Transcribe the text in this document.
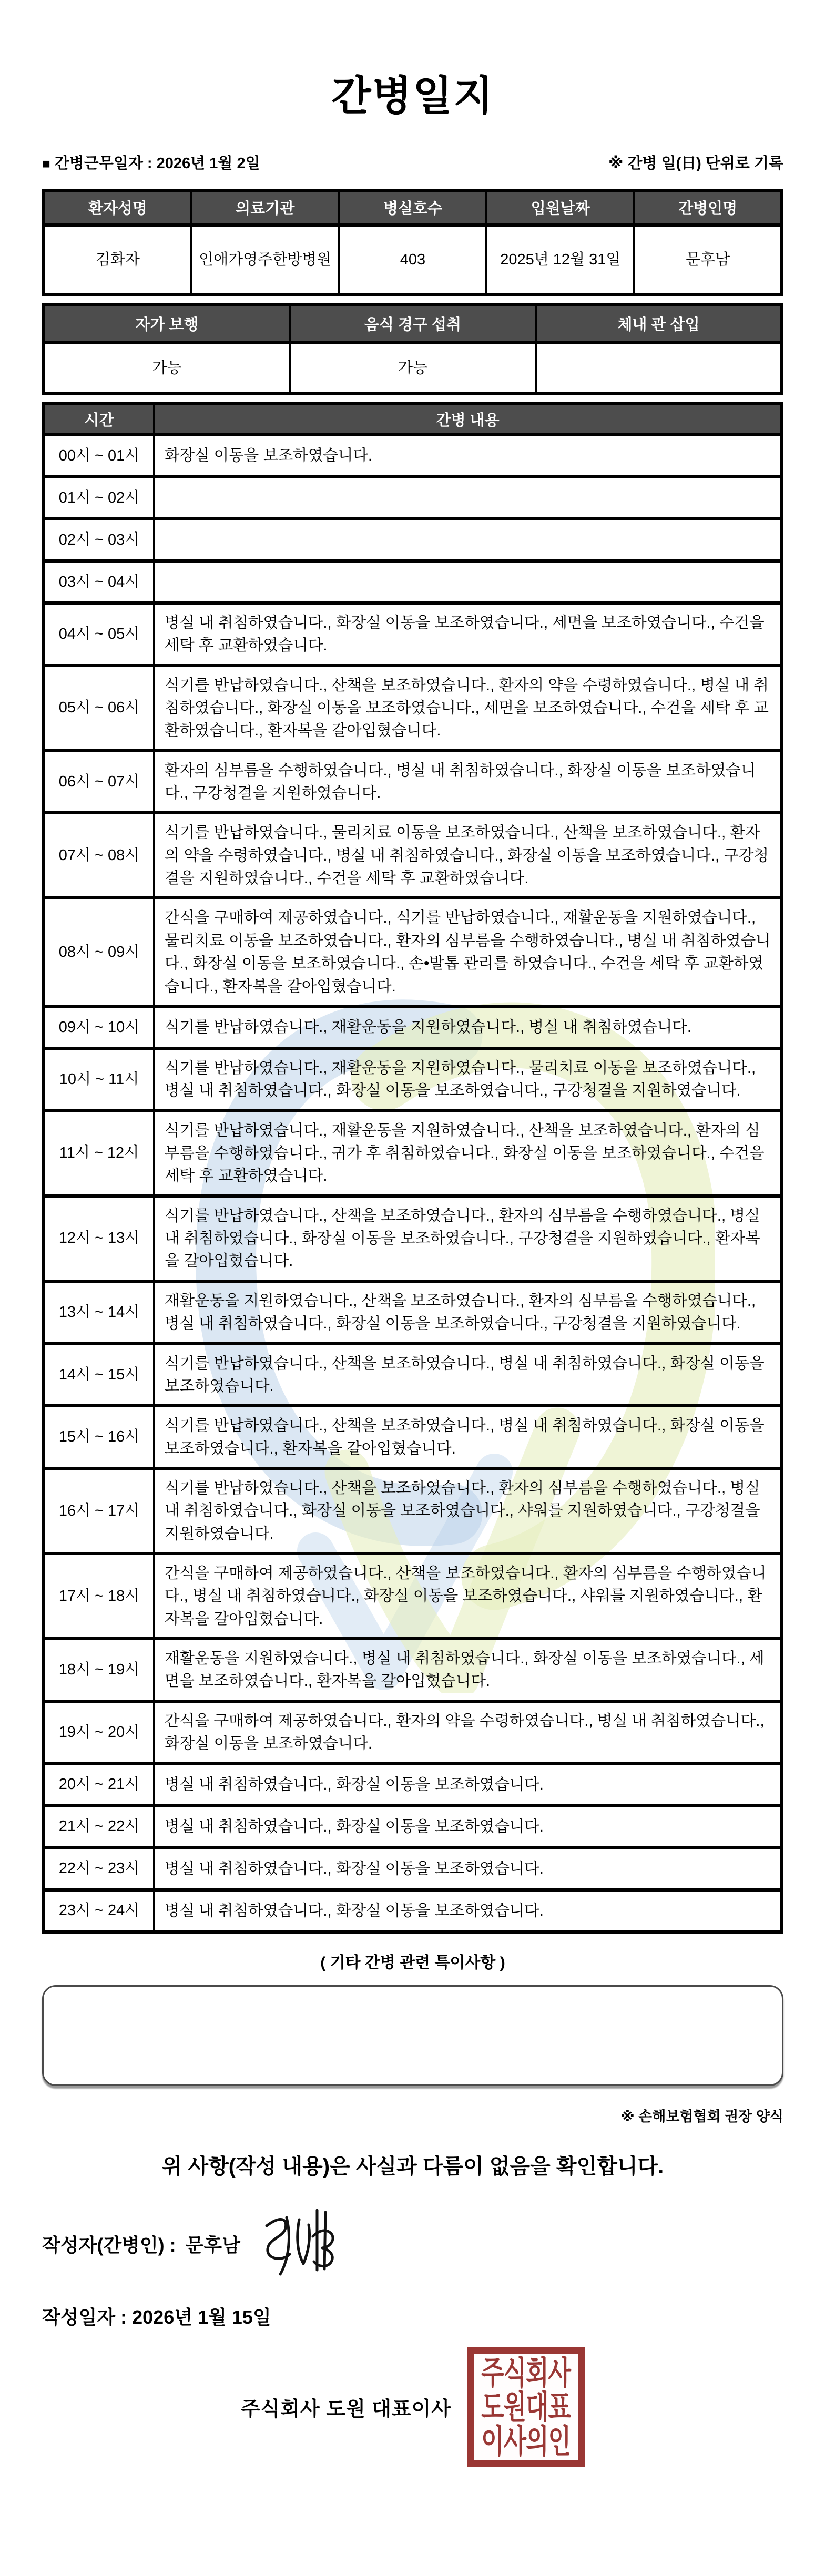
간병일지
■ 간병근무일자 : 2026년 1월 2일	※ 간병 일(日) 단위로 기록
환자성명	의료기관	병실호수	입원날짜	간병인명
김화자	인애가영주한방병원	403	2025년 12월 31일	문후남
자가 보행	음식 경구 섭취	체내 관 삽입
가능	가능	
시간	간병 내용
00시 ~ 01시	화장실 이동을 보조하였습니다.
01시 ~ 02시	
02시 ~ 03시	
03시 ~ 04시	
04시 ~ 05시	병실 내 취침하였습니다., 화장실 이동을 보조하였습니다., 세면을 보조하였습니다., 수건을 세탁 후 교환하였습니다.
05시 ~ 06시	식기를 반납하였습니다., 산책을 보조하였습니다., 환자의 약을 수령하였습니다., 병실 내 취침하였습니다., 화장실 이동을 보조하였습니다., 세면을 보조하였습니다., 수건을 세탁 후 교환하였습니다., 환자복을 갈아입혔습니다.
06시 ~ 07시	환자의 심부름을 수행하였습니다., 병실 내 취침하였습니다., 화장실 이동을 보조하였습니다., 구강청결을 지원하였습니다.
07시 ~ 08시	식기를 반납하였습니다., 물리치료 이동을 보조하였습니다., 산책을 보조하였습니다., 환자의 약을 수령하였습니다., 병실 내 취침하였습니다., 화장실 이동을 보조하였습니다., 구강청결을 지원하였습니다., 수건을 세탁 후 교환하였습니다.
08시 ~ 09시	간식을 구매하여 제공하였습니다., 식기를 반납하였습니다., 재활운동을 지원하였습니다., 물리치료 이동을 보조하였습니다., 환자의 심부름을 수행하였습니다., 병실 내 취침하였습니다., 화장실 이동을 보조하였습니다., 손•발톱 관리를 하였습니다., 수건을 세탁 후 교환하였습니다., 환자복을 갈아입혔습니다.
09시 ~ 10시	식기를 반납하였습니다., 재활운동을 지원하였습니다., 병실 내 취침하였습니다.
10시 ~ 11시	식기를 반납하였습니다., 재활운동을 지원하였습니다., 물리치료 이동을 보조하였습니다., 병실 내 취침하였습니다., 화장실 이동을 보조하였습니다., 구강청결을 지원하였습니다.
11시 ~ 12시	식기를 반납하였습니다., 재활운동을 지원하였습니다., 산책을 보조하였습니다., 환자의 심부름을 수행하였습니다., 귀가 후 취침하였습니다., 화장실 이동을 보조하였습니다., 수건을 세탁 후 교환하였습니다.
12시 ~ 13시	식기를 반납하였습니다., 산책을 보조하였습니다., 환자의 심부름을 수행하였습니다., 병실 내 취침하였습니다., 화장실 이동을 보조하였습니다., 구강청결을 지원하였습니다., 환자복을 갈아입혔습니다.
13시 ~ 14시	재활운동을 지원하였습니다., 산책을 보조하였습니다., 환자의 심부름을 수행하였습니다., 병실 내 취침하였습니다., 화장실 이동을 보조하였습니다., 구강청결을 지원하였습니다.
14시 ~ 15시	식기를 반납하였습니다., 산책을 보조하였습니다., 병실 내 취침하였습니다., 화장실 이동을 보조하였습니다.
15시 ~ 16시	식기를 반납하였습니다., 산책을 보조하였습니다., 병실 내 취침하였습니다., 화장실 이동을 보조하였습니다., 환자복을 갈아입혔습니다.
16시 ~ 17시	식기를 반납하였습니다., 산책을 보조하였습니다., 환자의 심부름을 수행하였습니다., 병실 내 취침하였습니다., 화장실 이동을 보조하였습니다., 샤워를 지원하였습니다., 구강청결을 지원하였습니다.
17시 ~ 18시	간식을 구매하여 제공하였습니다., 산책을 보조하였습니다., 환자의 심부름을 수행하였습니다., 병실 내 취침하였습니다., 화장실 이동을 보조하였습니다., 샤워를 지원하였습니다., 환자복을 갈아입혔습니다.
18시 ~ 19시	재활운동을 지원하였습니다., 병실 내 취침하였습니다., 화장실 이동을 보조하였습니다., 세면을 보조하였습니다., 환자복을 갈아입혔습니다.
19시 ~ 20시	간식을 구매하여 제공하였습니다., 환자의 약을 수령하였습니다., 병실 내 취침하였습니다., 화장실 이동을 보조하였습니다.
20시 ~ 21시	병실 내 취침하였습니다., 화장실 이동을 보조하였습니다.
21시 ~ 22시	병실 내 취침하였습니다., 화장실 이동을 보조하였습니다.
22시 ~ 23시	병실 내 취침하였습니다., 화장실 이동을 보조하였습니다.
23시 ~ 24시	병실 내 취침하였습니다., 화장실 이동을 보조하였습니다.
( 기타 간병 관련 특이사항 )
※ 손해보험협회 권장 양식
위 사항(작성 내용)은 사실과 다름이 없음을 확인합니다.
작성자(간병인) : 문후남
작성일자 : 2026년 1월 15일
주식회사 도원 대표이사
주식회사
도원대표
이사의인
